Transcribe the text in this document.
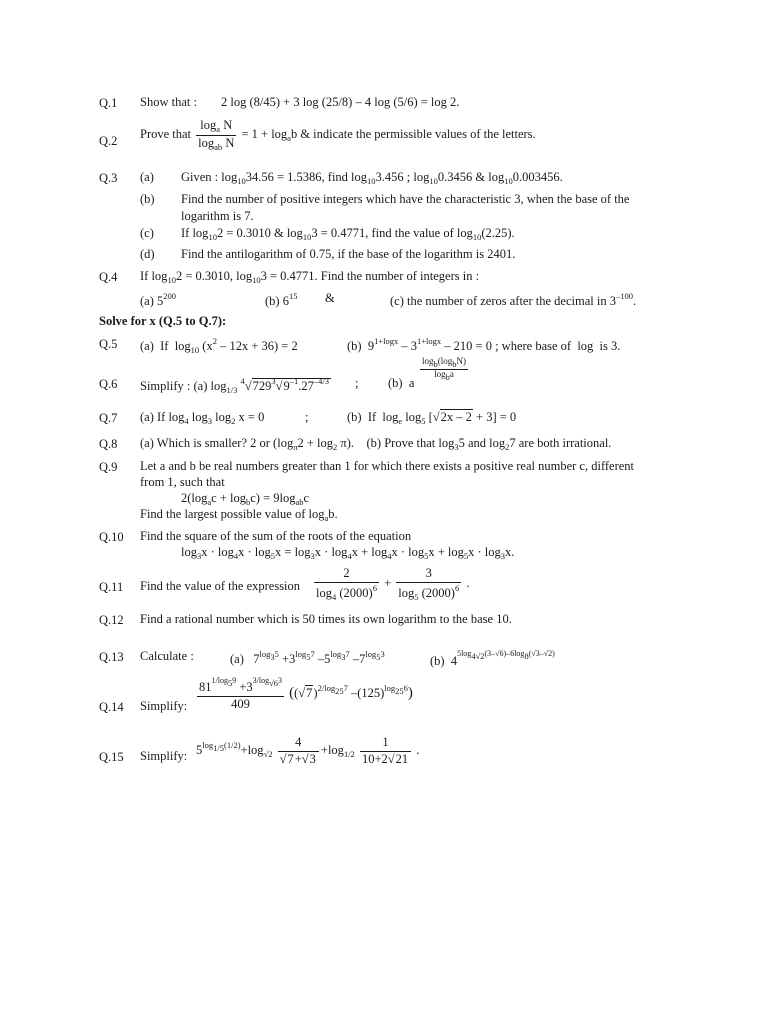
Q.1 Show that : 2 log (8/45) + 3 log (25/8) – 4 log (5/6) = log 2.
Q.2 Prove that $\frac{\log_a N}{\log_{ab} N} = 1 + \log_ab$ & indicate the permissible values of the letters.
Q.3 (a) Given : $\log_{10}34.56 = 1.5386$, find $\log_{10}3.456$ ; $\log_{10}0.3456$ & $\log_{10}0.003456$.
(b) Find the number of positive integers which have the characteristic 3, when the base of the
logarithm is 7.
(c) If $\log_{10}2 = 0.3010$ & $\log_{10}3 = 0.4771$, find the value of $\log_{10}(2.25)$.
(d) Find the antilogarithm of 0.75, if the base of the logarithm is 2401.
Q.4 If $\log_{10}2 = 0.3010$, $\log_{10}3 = 0.4771$. Find the number of integers in :
(a) $5^{200}$	(b) $6^{15}$ &	(c) the number of zeros after the decimal in $3^{-100}$.
Solve for x (Q.5 to Q.7):
Q.5 (a)  If  $\log_{10} (x^2 - 12x + 36) = 2$	(b)  $9^{1+logx} - 3^{1+logx} - 210 = 0$ ; where base of  log  is 3.
Q.6 Simplify : (a) $\log_{1/3} ^4√729^3√9^{-1}.27^{-4/3}$ ; (b)  a
logb(logbN)
logba
Q.7 (a) If $\log_4 \log_3 \log_2 x = 0$	;	(b)  If  $\log_e \log_5 [√2x - 2 + 3] = 0$
Q.8 (a) Which is smaller? 2 or $(\log_\pi 2 + \log_2 \pi)$.    (b) Prove that $\log_35$ and $\log_27$ are both irrational.
Q.9 Let a and b be real numbers greater than 1 for which there exists a positive real number c, different
from 1, such that
$2(\log_ac + \log_bc) = 9\log_{ab}c$
Find the largest possible value of $\log_ab$.
Q.10 Find the square of the sum of the roots of the equation
$\log_3x \cdot \log_4x \cdot \log_5x = \log_3x \cdot \log_4x + \log_4x \cdot \log_5x + \log_5x \cdot \log_3x$.
Q.11 Find the value of the expression $\frac{2}{\log_4 (2000)^6} + \frac{3}{\log_5 (2000)^6}$ .
Q.12 Find a rational number which is 50 times its own logarithm to the base 10.
Q.13 Calculate :	(a)   $7^{log35} +3^{log57}$ $-5^{log37}$ $-7^{log53}$	(b)  $4^{5log4√2(3-√6)-6log8(√3-√2)}$
Q.14 Simplify: $\frac{81^{1/log59} +3^{3/log√63}}{409} ((√7)^{2/log257}$ $-(125)^{log256}$)
Q.15 Simplify: $5^{log1/5(1/2)}+\log_{√2} \frac{4}{√7+√3} +\log_{1/2} \frac{1}{10+2√21}$ .
